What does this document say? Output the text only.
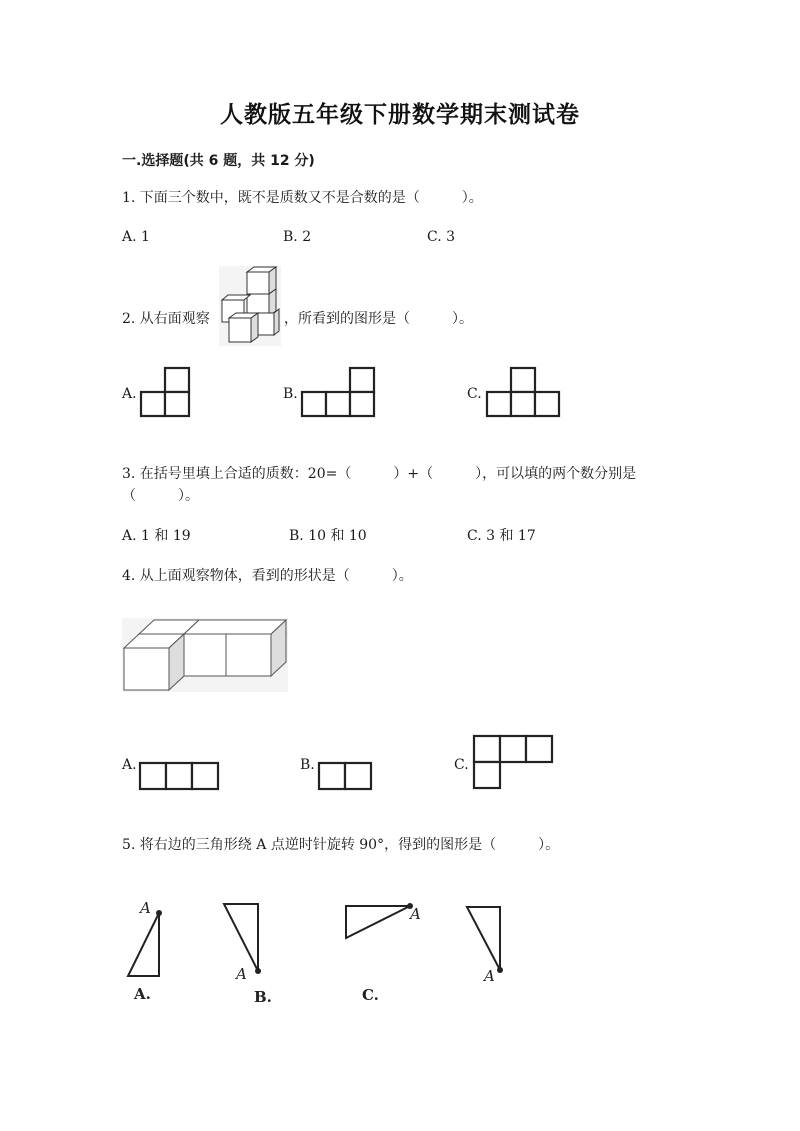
人教版五年级下册数学期末测试卷
一.选择题(共 6 题，共 12 分)
1. 下面三个数中，既不是质数又不是合数的是（　　　）。
A. 1	B. 2	C. 3
2. 从右面观察	，所看到的图形是（　　　）。
A.	B.	C.
3. 在括号里填上合适的质数：20=（　　　）+（　　　），可以填的两个数分别是
（　　　）。
A. 1 和 19	B. 10 和 10	C. 3 和 17
4. 从上面观察物体，看到的形状是（　　　）。
A.	B.	C.
5. 将右边的三角形绕 A 点逆时针旋转 90°，得到的图形是（　　　）。
A
A.
A
B.
A
C.
A
